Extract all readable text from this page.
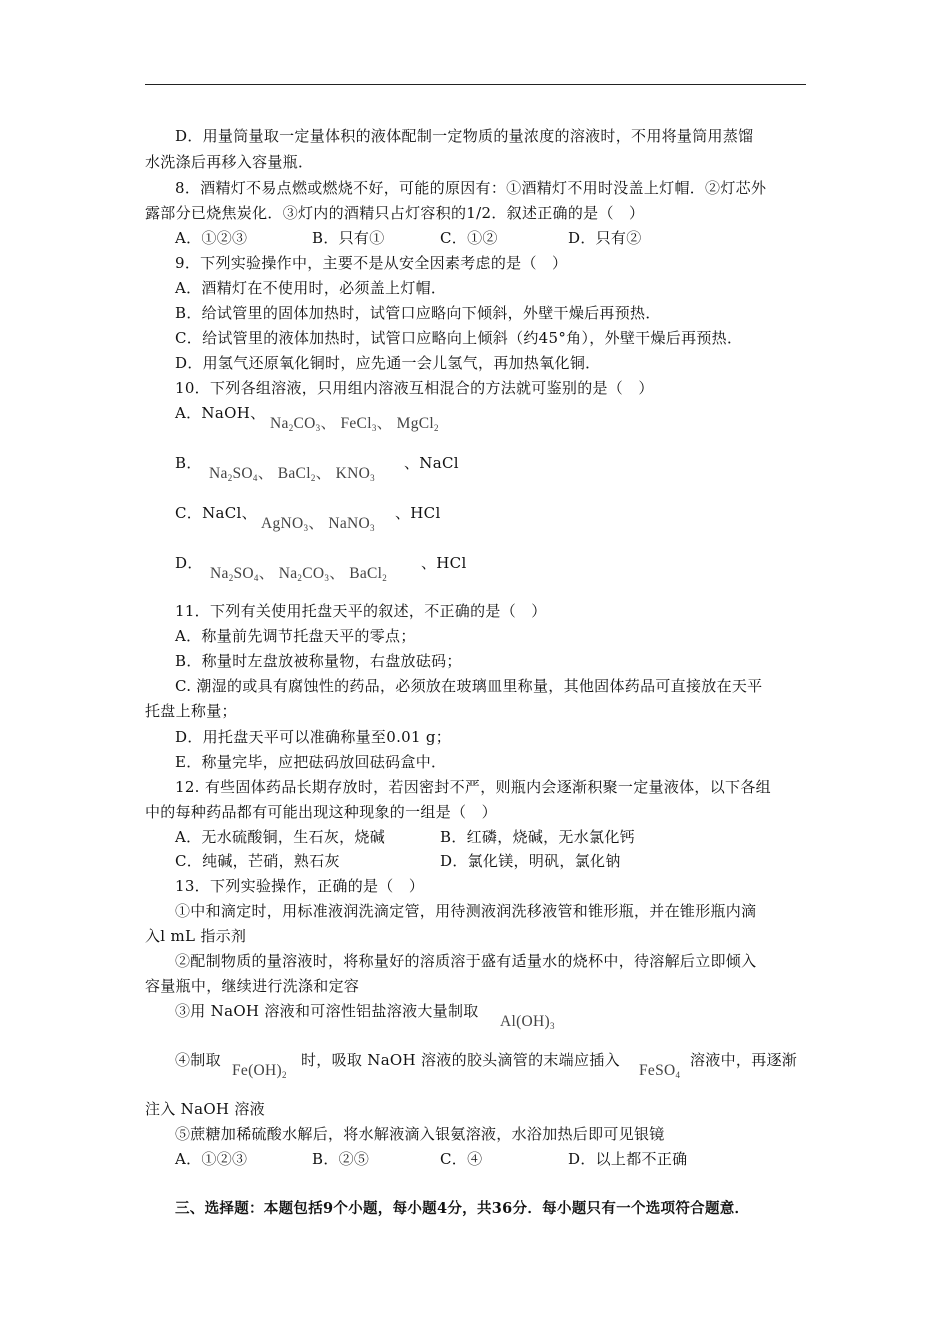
D．用量筒量取一定量体积的液体配制一定物质的量浓度的溶液时，不用将量筒用蒸馏
水洗涤后再移入容量瓶．
8．酒精灯不易点燃或燃烧不好，可能的原因有：①酒精灯不用时没盖上灯帽．②灯芯外
露部分已烧焦炭化．③灯内的酒精只占灯容积的1/2．叙述正确的是（　）
A．①②③	B．只有①	C．①②	D．只有②
9．下列实验操作中，主要不是从安全因素考虑的是（　）
A．酒精灯在不使用时，必须盖上灯帽．
B．给试管里的固体加热时，试管口应略向下倾斜，外壁干燥后再预热．
C．给试管里的液体加热时，试管口应略向上倾斜（约45°角），外壁干燥后再预热．
D．用氢气还原氧化铜时，应先通一会儿氢气，再加热氧化铜．
10．下列各组溶液，只用组内溶液互相混合的方法就可鉴别的是（　）
A．NaOH、
$Na_2CO_3$、 FeCl$_3$、 MgCl$_2$
B．
$Na_2SO_4$、 BaCl$_2$、 $KNO_3$
、NaCl
C．NaCl、
AgNO$_3$、 NaNO$_3$
、HCl
D．
$Na_2SO_4$、 $Na_2CO_3$、 BaCl$_2$
、HCl
11．下列有关使用托盘天平的叙述，不正确的是（　）
A．称量前先调节托盘天平的零点；
B．称量时左盘放被称量物，右盘放砝码；
C. 潮湿的或具有腐蚀性的药品，必须放在玻璃皿里称量，其他固体药品可直接放在天平
托盘上称量；
D．用托盘天平可以准确称量至0.01 g；
E．称量完毕，应把砝码放回砝码盒中．
12. 有些固体药品长期存放时，若因密封不严，则瓶内会逐渐积聚一定量液体，以下各组
中的每种药品都有可能出现这种现象的一组是（　）
A．无水硫酸铜，生石灰，烧碱	B．红磷，烧碱，无水氯化钙
C．纯碱，芒硝，熟石灰	D．氯化镁，明矾，氯化钠
13．下列实验操作，正确的是（　）
①中和滴定时，用标准液润洗滴定管，用待测液润洗移液管和锥形瓶，并在锥形瓶内滴
入l mL 指示剂
②配制物质的量溶液时，将称量好的溶质溶于盛有适量水的烧杯中，待溶解后立即倾入
容量瓶中，继续进行洗涤和定容
③用 NaOH 溶液和可溶性铝盐溶液大量制取
$Al(OH)_3$
④制取
$Fe(OH)_2$
时，吸取 NaOH 溶液的胶头滴管的末端应插入
FeSO$_4$
溶液中，再逐渐
注入 NaOH 溶液
⑤蔗糖加稀硫酸水解后，将水解液滴入银氨溶液，水浴加热后即可见银镜
A．①②③	B．②⑤	C．④	D．以上都不正确
三、选择题：本题包括9个小题，每小题4分，共36分．每小题只有一个选项符合题意．
